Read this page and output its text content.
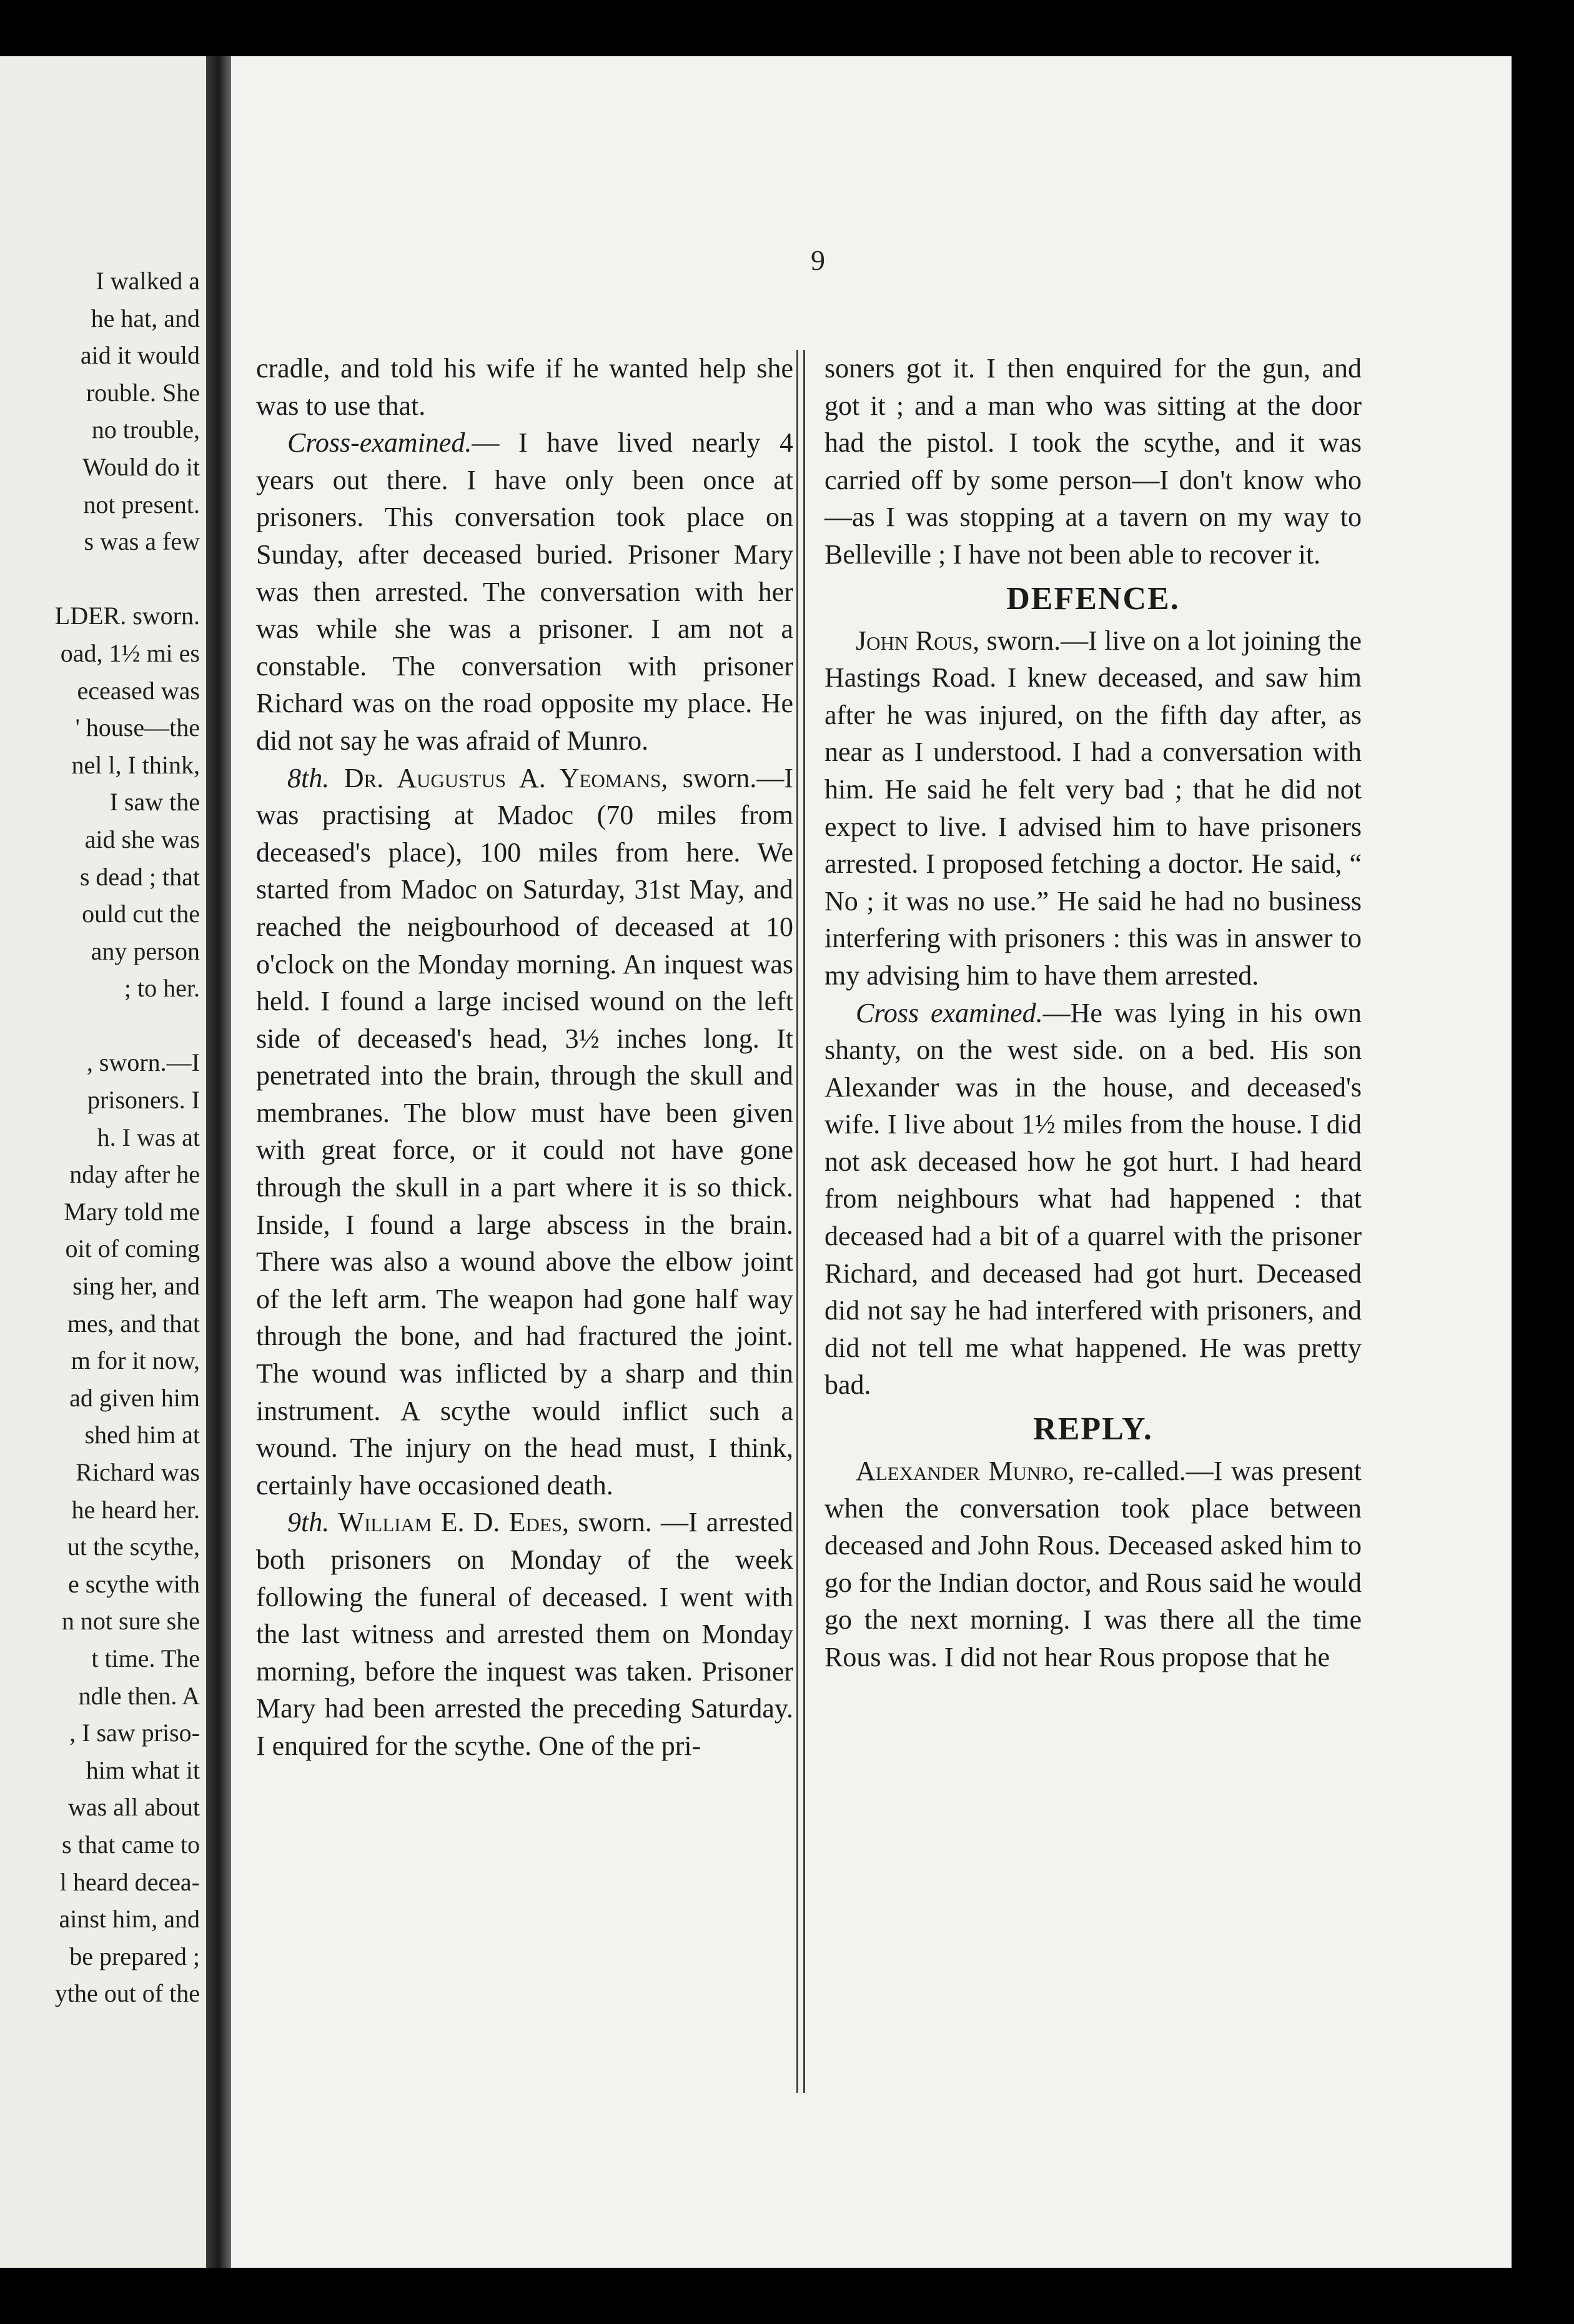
I walked a
he hat, and
aid it would
rouble. She
no trouble,
Would do it
not present.
s was a few

LDER. sworn.
oad, 1½ mi es
eceased was
' house—the
nel l, I think,
I saw the
aid she was
s dead ; that
ould cut the
any person
; to her.

, sworn.—I
prisoners. I
h. I was at
nday after he
Mary told me
oit of coming
sing her, and
mes, and that
m for it now,
ad given him
shed him at
Richard was
he heard her.
ut the scythe,
e scythe with
n not sure she
t time. The
ndle then. A
, I saw priso-
him what it
was all about
s that came to
l heard decea-
ainst him, and
be prepared ;
ythe out of the
9

cradle, and told his wife if he wanted help she was to use that.

Cross-examined.— I have lived nearly 4 years out there. I have only been once at prisoners. This conversation took place on Sunday, after deceased buried. Prisoner Mary was then arrested. The conversation with her was while she was a prisoner. I am not a constable. The conversation with prisoner Richard was on the road opposite my place. He did not say he was afraid of Munro.

8th. Dr. Augustus A. Yeomans, sworn.—I was practising at Madoc (70 miles from deceased's place), 100 miles from here. We started from Madoc on Saturday, 31st May, and reached the neigbourhood of deceased at 10 o'clock on the Monday morning. An inquest was held. I found a large incised wound on the left side of deceased's head, 3½ inches long. It penetrated into the brain, through the skull and membranes. The blow must have been given with great force, or it could not have gone through the skull in a part where it is so thick. Inside, I found a large abscess in the brain. There was also a wound above the elbow joint of the left arm. The weapon had gone half way through the bone, and had fractured the joint. The wound was inflicted by a sharp and thin instrument. A scythe would inflict such a wound. The injury on the head must, I think, certainly have occasioned death.

9th. William E. D. Edes, sworn. —I arrested both prisoners on Monday of the week following the funeral of deceased. I went with the last witness and arrested them on Monday morning, before the inquest was taken. Prisoner Mary had been arrested the preceding Saturday. I enquired for the scythe. One of the pri-

soners got it. I then enquired for the gun, and got it ; and a man who was sitting at the door had the pistol. I took the scythe, and it was carried off by some person—I don't know who—as I was stopping at a tavern on my way to Belleville ; I have not been able to recover it.

DEFENCE.

John Rous, sworn.—I live on a lot joining the Hastings Road. I knew deceased, and saw him after he was injured, on the fifth day after, as near as I understood. I had a conversation with him. He said he felt very bad ; that he did not expect to live. I advised him to have prisoners arrested. I proposed fetching a doctor. He said, “ No ; it was no use.” He said he had no business interfering with prisoners : this was in answer to my advising him to have them arrested.

Cross examined.—He was lying in his own shanty, on the west side. on a bed. His son Alexander was in the house, and deceased's wife. I live about 1½ miles from the house. I did not ask deceased how he got hurt. I had heard from neighbours what had happened : that deceased had a bit of a quarrel with the prisoner Richard, and deceased had got hurt. Deceased did not say he had interfered with prisoners, and did not tell me what happened. He was pretty bad.

REPLY.

Alexander Munro, re-called.—I was present when the conversation took place between deceased and John Rous. Deceased asked him to go for the Indian doctor, and Rous said he would go the next morning. I was there all the time Rous was. I did not hear Rous propose that he
